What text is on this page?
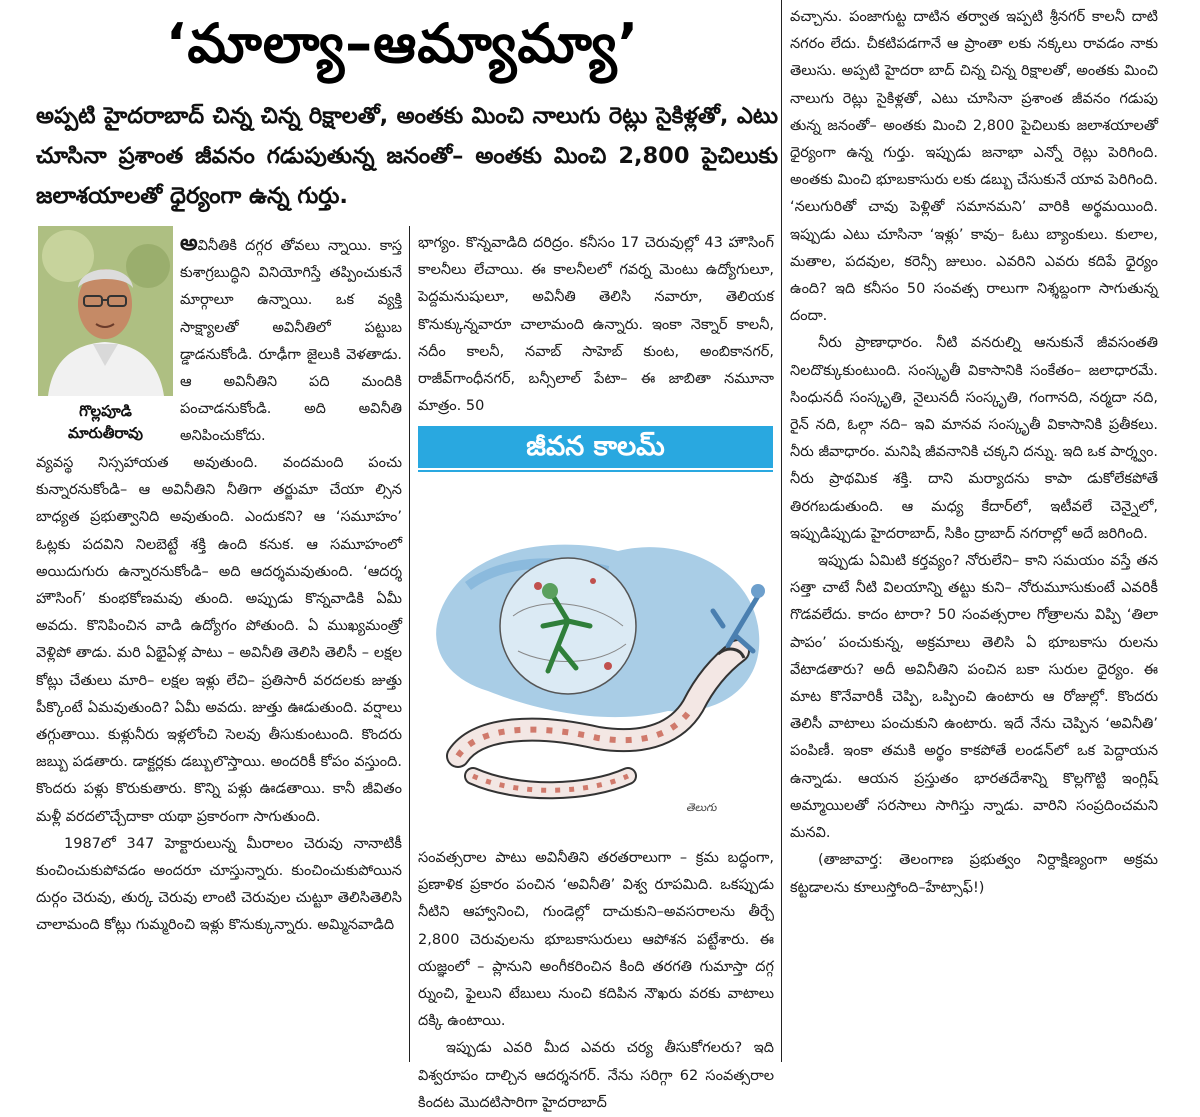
‘మాల్యా–ఆమ్యామ్యా’
అప్పటి హైదరాబాద్ చిన్న చిన్న రిక్షాలతో, అంతకు మించి నాలుగు రెట్లు సైకిళ్లతో, ఎటు చూసినా ప్రశాంత జీవనం గడుపుతున్న జనంతో– అంతకు మించి 2,800 పైచిలుకు జలాశయాలతో ధైర్యంగా ఉన్న గుర్తు.
గొల్లపూడి
మారుతీరావు

అవినీతికి దగ్గర తోవలు న్నాయి. కాస్త కుశాగ్రబుద్ధిని వినియోగిస్తే తప్పించుకునే మార్గాలూ ఉన్నాయి. ఒక వ్యక్తి సాక్ష్యాలతో అవినీతిలో పట్టుబ డ్డాడనుకోండి. రూఢీగా జైలుకి వెళతాడు. ఆ అవినీతిని పది మందికి పంచాడనుకోండి. అది అవినీతి అనిపించుకోదు.

వ్యవస్థ నిస్సహాయత అవుతుంది. వందమంది పంచు కున్నారనుకోండి– ఆ అవినీతిని నీతిగా తర్జుమా చేయా ల్సిన బాధ్యత ప్రభుత్వానిది అవుతుంది. ఎందుకని? ఆ ‘సమూహం’ ఓట్లకు పదవిని నిలబెట్టే శక్తి ఉంది కనుక. ఆ సమూహంలో అయిదుగురు ఉన్నారనుకోండి– అది ఆదర్శమవుతుంది. ‘ఆదర్శ హౌసింగ్’ కుంభకోణమవు తుంది. అప్పుడు కొన్నవాడికి ఏమీ అవదు. కొనిపించిన వాడి ఉద్యోగం పోతుంది. ఏ ముఖ్యమంత్రో వెళ్లిపో తాడు. మరి ఏభైఏళ్ల పాటు – అవినీతి తెలిసి తెలిసీ – లక్షల కోట్లు చేతులు మారి– లక్షల ఇళ్లు లేచి– ప్రతిసారీ వరదలకు జుత్తు పీక్కొంటే ఏమవుతుంది? ఏమీ అవదు. జుత్తు ఊడుతుంది. వర్షాలు తగ్గుతాయి. కుళ్లునీరు ఇళ్లలోంచి సెలవు తీసుకుంటుంది. కొందరు జబ్బు పడతారు. డాక్టర్లకు డబ్బులొస్తాయి. అందరికీ కోపం వస్తుంది. కొందరు పళ్లు కొరుకుతారు. కొన్ని పళ్లు ఊడతాయి. కానీ జీవితం మళ్లీ వరదలొచ్చేదాకా యథా ప్రకారంగా సాగుతుంది.

1987లో 347 హెక్టారులున్న మీరాలం చెరువు నానాటికీ కుంచించుకుపోవడం అందరూ చూస్తున్నారు. కుంచించుకుపోయిన దుర్గం చెరువు, తుర్క చెరువు లాంటి చెరువుల చుట్టూ తెలిసితెలిసి చాలామంది కోట్లు గుమ్మరించి ఇళ్లు కొనుక్కున్నారు. అమ్మినవాడిది

భాగ్యం. కొన్నవాడిది దరిద్రం. కనీసం 17 చెరువుల్లో 43 హౌసింగ్ కాలనీలు లేచాయి. ఈ కాలనీలలో గవర్న మెంటు ఉద్యోగులూ, పెద్దమనుషులూ, అవినీతి తెలిసి నవారూ, తెలియక కొనుక్కున్నవారూ చాలామంది ఉన్నారు. ఇంకా నెక్నార్ కాలనీ, నదీం కాలనీ, నవాబ్ సాహెబ్ కుంట, అంబికానగర్, రాజీవ్‌గాంధీనగర్, బన్సీలాల్ పేటా– ఈ జాబితా నమూనా మాత్రం. 50

జీవన కాలమ్
తెలుగు

సంవత్సరాల పాటు అవినీతిని తరతరాలుగా – క్రమ బద్ధంగా, ప్రణాళిక ప్రకారం పంచిన ‘అవినీతి’ విశ్వ రూపమిది. ఒకప్పుడు నీటిని ఆహ్వానించి, గుండెల్లో దాచుకుని–అవసరాలను తీర్చే 2,800 చెరువులను భూబకాసురులు ఆపోశన పట్టేశారు. ఈ యజ్ఞంలో – ప్లానుని అంగీకరించిన కింది తరగతి గుమాస్తా దగ్గ ర్నుంచి, ఫైలుని టేబులు నుంచి కదిపిన నౌఖరు వరకు వాటాలు దక్కి ఉంటాయి.

ఇప్పుడు ఎవరి మీద ఎవరు చర్య తీసుకోగలరు? ఇది విశ్వరూపం దాల్చిన ఆదర్శనగర్. నేను సరిగ్గా 62 సంవత్సరాల కిందట మొదటిసారిగా హైదరాబాద్

వచ్చాను. పంజాగుట్ట దాటిన తర్వాత ఇప్పటి శ్రీనగర్ కాలనీ దాటి నగరం లేదు. చీకటిపడగానే ఆ ప్రాంతా లకు నక్కలు రావడం నాకు తెలుసు. అప్పటి హైదరా బాద్ చిన్న చిన్న రిక్షాలతో, అంతకు మించి నాలుగు రెట్లు సైకిళ్లతో, ఎటు చూసినా ప్రశాంత జీవనం గడుపు తున్న జనంతో– అంతకు మించి 2,800 పైచిలుకు జలాశయాలతో ధైర్యంగా ఉన్న గుర్తు. ఇప్పుడు జనాభా ఎన్నో రెట్లు పెరిగింది. అంతకు మించి భూబకాసురు లకు డబ్బు చేసుకునే యావ పెరిగింది. ‘నలుగురితో చావు పెళ్లితో సమానమని’ వారికి అర్థమయింది. ఇప్పుడు ఎటు చూసినా ‘ఇళ్లు’ కావు– ఓటు బ్యాంకులు. కులాల, మతాల, పదవుల, కరెన్సీ జులుం. ఎవరిని ఎవరు కదిపే ధైర్యం ఉంది? ఇది కనీసం 50 సంవత్స రాలుగా నిశ్శబ్దంగా సాగుతున్న దందా.

నీరు ప్రాణాధారం. నీటి వనరుల్ని ఆనుకునే జీవసంతతి నిలదొక్కుకుంటుంది. సంస్కృతీ వికాసానికి సంకేతం– జలాధారమే. సింధునదీ సంస్కృతి, నైలునదీ సంస్కృతి, గంగానది, నర్మదా నది, రైన్ నది, ఓల్గా నది– ఇవి మానవ సంస్కృతీ వికాసానికి ప్రతీకలు. నీరు జీవాధారం. మనిషి జీవనానికి చక్కని దన్ను. ఇది ఒక పార్శ్వం. నీరు ప్రాథమిక శక్తి. దాని మర్యాదను కాపా డుకోలేకపోతే తిరగబడుతుంది. ఆ మధ్య కేదార్‌లో, ఇటీవలే చెన్నైలో, ఇప్పుడిప్పుడు హైదరాబాద్, సికిం ద్రాబాద్ నగరాల్లో అదే జరిగింది.

ఇప్పుడు ఏమిటి కర్తవ్యం? నోరులేని– కాని సమయం వస్తే తన సత్తా చాటే నీటి విలయాన్ని తట్టు కుని– నోరుమూసుకుంటే ఎవరికీ గొడవలేదు. కాదం టారా? 50 సంవత్సరాల గోత్రాలను విప్పి ‘తిలా పాపం’ పంచుకున్న, అక్రమాలు తెలిసి ఏ భూబకాసు రులను వేటాడతారు? అదీ అవినీతిని పంచిన బకా సురుల ధైర్యం. ఈ మాట కొనేవారికీ చెప్పి, ఒప్పించి ఉంటారు ఆ రోజుల్లో. కొందరు తెలిసీ వాటాలు పంచుకుని ఉంటారు. ఇదే నేను చెప్పిన ‘అవినీతి’ పంపిణీ. ఇంకా తమకి అర్థం కాకపోతే లండన్‌లో ఒక పెద్దాయన ఉన్నాడు. ఆయన ప్రస్తుతం భారతదేశాన్ని కొల్లగొట్టి ఇంగ్లిష్ అమ్మాయిలతో సరసాలు సాగిస్తు న్నాడు. వారిని సంప్రదించమని మనవి.

(తాజావార్త: తెలంగాణ ప్రభుత్వం నిర్దాక్షిణ్యంగా అక్రమ కట్టడాలను కూలుస్తోంది–హేట్సాఫ్!)
